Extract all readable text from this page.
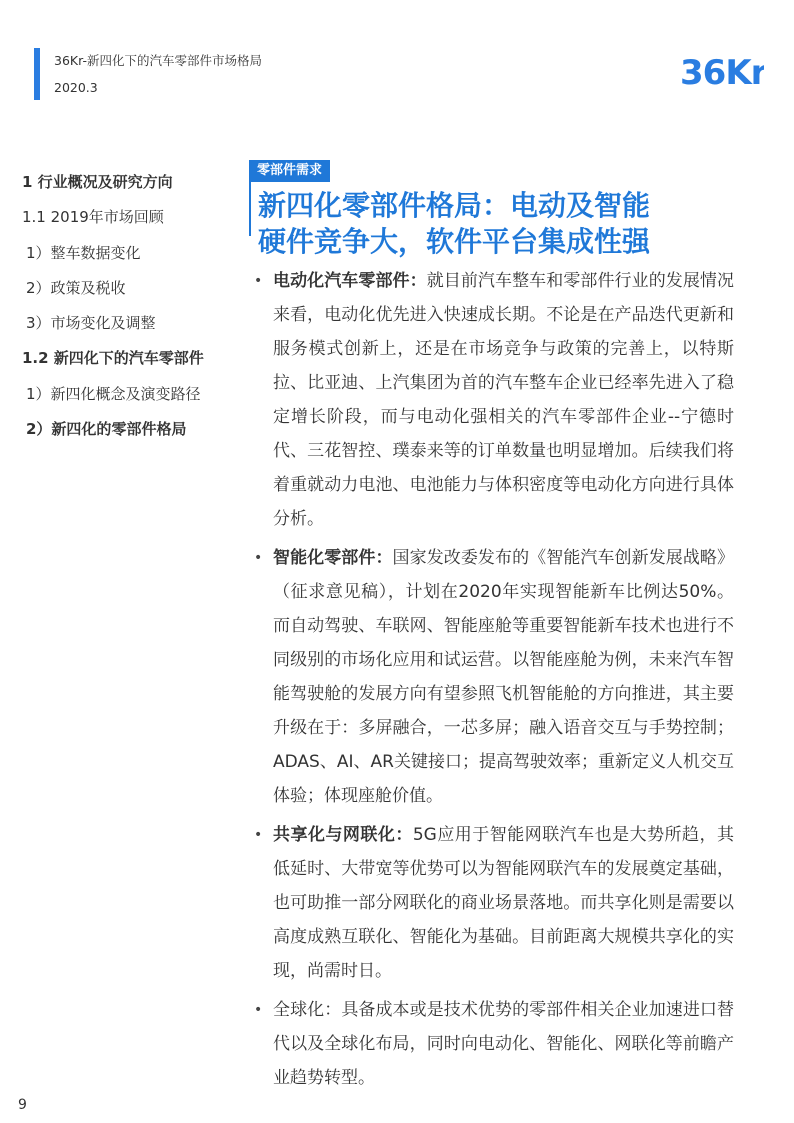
36Kr-新四化下的汽车零部件市场格局
2020.3	36Kr
1 行业概况及研究方向
1.1 2019年市场回顾
1）整车数据变化
2）政策及税收
3）市场变化及调整
1.2 新四化下的汽车零部件
1）新四化概念及演变路径
2）新四化的零部件格局
零部件需求
新四化零部件格局：电动及智能
硬件竞争大，软件平台集成性强
• 电动化汽车零部件：就目前汽车整车和零部件行业的发展情况来看，电动化优先进入快速成长期。不论是在产品迭代更新和服务模式创新上，还是在市场竞争与政策的完善上，以特斯拉、比亚迪、上汽集团为首的汽车整车企业已经率先进入了稳定增长阶段，而与电动化强相关的汽车零部件企业--宁德时代、三花智控、璞泰来等的订单数量也明显增加。后续我们将着重就动力电池、电池能力与体积密度等电动化方向进行具体分析。
• 智能化零部件：国家发改委发布的《智能汽车创新发展战略》（征求意见稿），计划在2020年实现智能新车比例达50%。而自动驾驶、车联网、智能座舱等重要智能新车技术也进行不同级别的市场化应用和试运营。以智能座舱为例，未来汽车智能驾驶舱的发展方向有望参照飞机智能舱的方向推进，其主要升级在于：多屏融合，一芯多屏；融入语音交互与手势控制；ADAS、AI、AR关键接口；提高驾驶效率；重新定义人机交互体验；体现座舱价值。
• 共享化与网联化：5G应用于智能网联汽车也是大势所趋，其低延时、大带宽等优势可以为智能网联汽车的发展奠定基础，也可助推一部分网联化的商业场景落地。而共享化则是需要以高度成熟互联化、智能化为基础。目前距离大规模共享化的实现，尚需时日。
• 全球化：具备成本或是技术优势的零部件相关企业加速进口替代以及全球化布局，同时向电动化、智能化、网联化等前瞻产业趋势转型。
9
